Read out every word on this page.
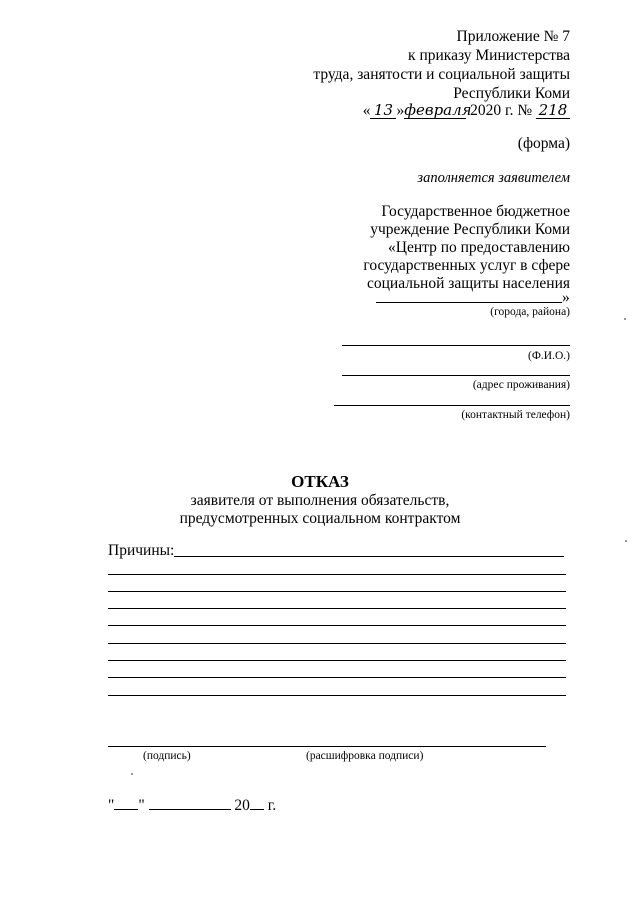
Приложение № 7
к приказу Министерства
труда, занятости и социальной защиты
Республики Коми
« 13 »февраля 2020 г. № 218
(форма)
заполняется заявителем
Государственное бюджетное
учреждение Республики Коми
«Центр по предоставлению
государственных услуг в сфере
социальной защиты населения
»
(города, района)
(Ф.И.О.)
(адрес проживания)
(контактный телефон)
ОТКАЗ
заявителя от выполнения обязательств,
предусмотренных социальном контрактом
Причины:
(подпись)	(расшифровка подписи)
" "	20 г.
